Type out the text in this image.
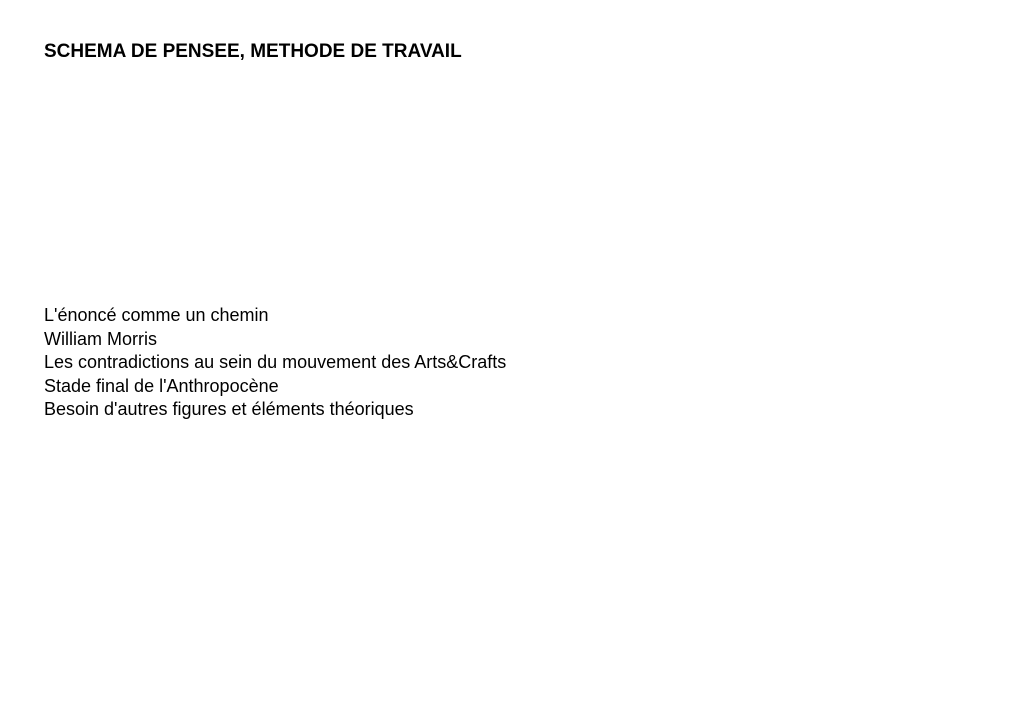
SCHEMA DE PENSEE, METHODE DE TRAVAIL
L'énoncé comme un chemin
William Morris
Les contradictions au sein du mouvement des Arts&Crafts
Stade final de l'Anthropocène
Besoin d'autres figures et éléments théoriques
